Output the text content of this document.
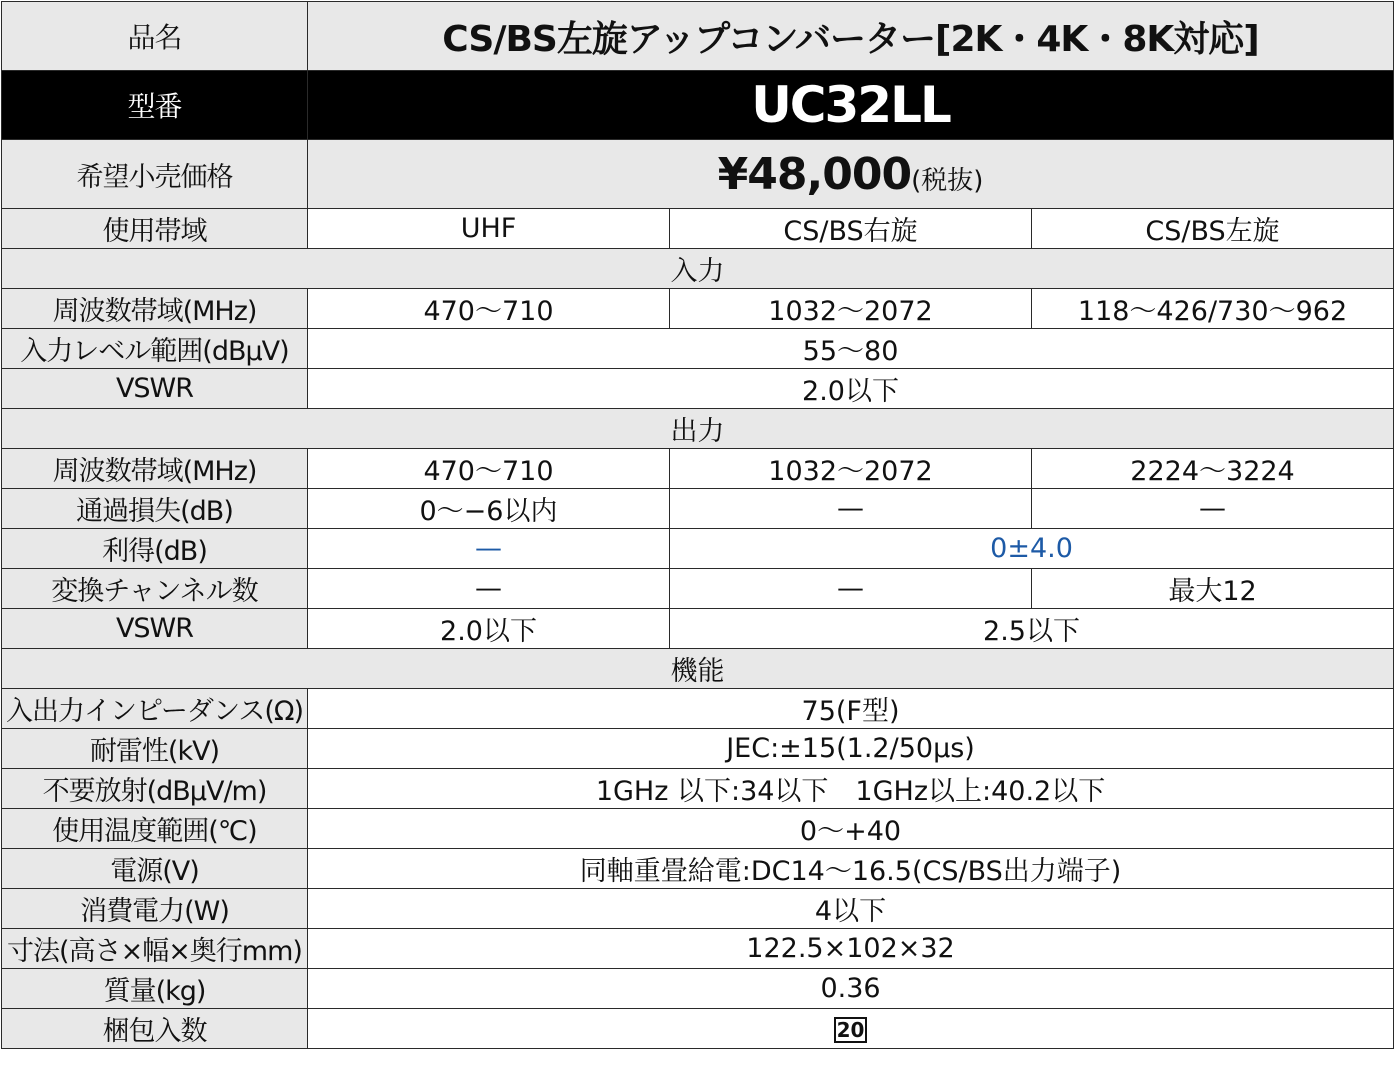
品名	CS/BS左旋アップコンバーター[2K・4K・8K対応]		
型番	UC32LL		
希望小売価格	¥48,000(税抜)		
使用帯域	UHF	CS/BS右旋	CS/BS左旋
入力			
周波数帯域(MHz)	470〜710	1032〜2072	118〜426/730〜962
入力レベル範囲(dBμV)	55〜80		
VSWR	2.0以下		
出力			
周波数帯域(MHz)	470〜710	1032〜2072	2224〜3224
通過損失(dB)	0〜−6以内	—	—
利得(dB)	—	0±4.0	
変換チャンネル数	—	—	最大12
VSWR	2.0以下	2.5以下	
機能			
入出力インピーダンス(Ω)	75(F型)		
耐雷性(kV)	JEC:±15(1.2/50μs)		
不要放射(dBμV/m)	1GHz 以下:34以下　1GHz以上:40.2以下		
使用温度範囲(℃)	0〜+40		
電源(V)	同軸重畳給電:DC14〜16.5(CS/BS出力端子)		
消費電力(W)	4以下		
寸法(高さ×幅×奥行mm)	122.5×102×32		
質量(kg)	0.36		
梱包入数	20		
